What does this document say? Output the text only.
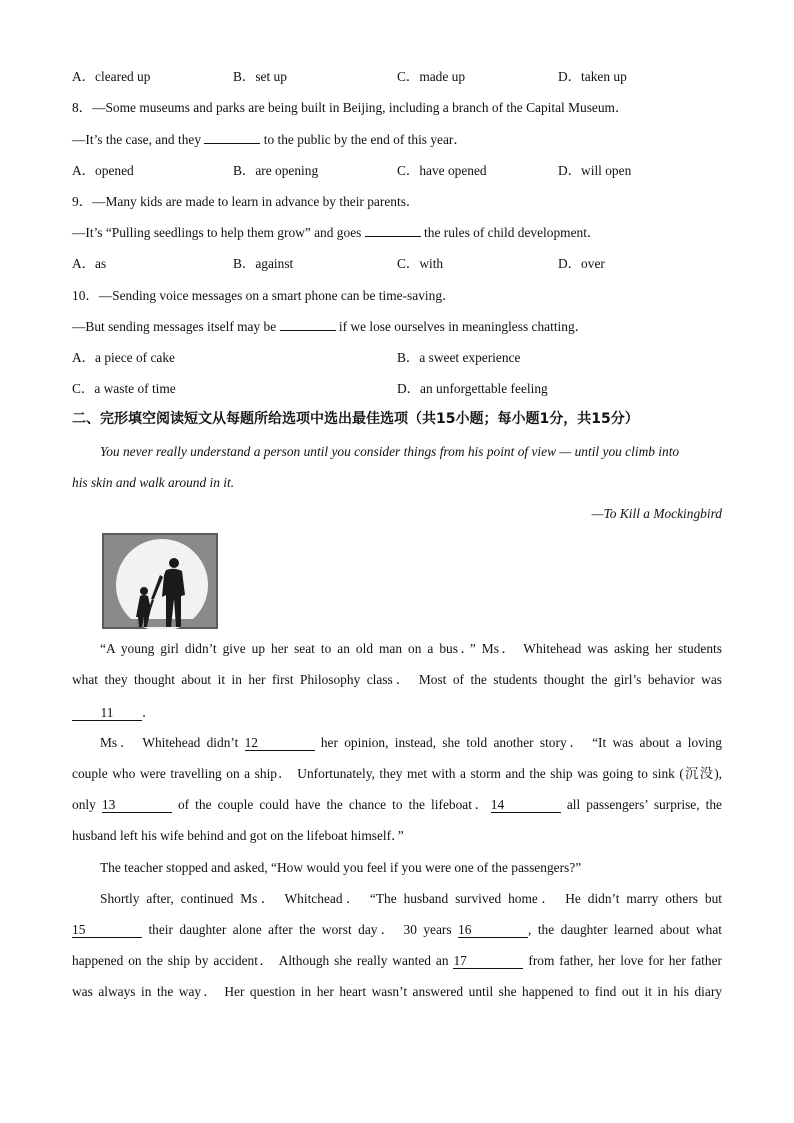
A．cleared up	B．set up	C．made up	D．taken up
8．—Some museums and parks are being built in Beijing, including a branch of the Capital Museum．
—It’s the case, and they	to the public by the end of this year．
A．opened	B．are opening	C．have opened	D．will open
9．—Many kids are made to learn in advance by their parents．
—It’s “Pulling seedlings to help them grow” and goes	the rules of child development．
A．as	B．against	C．with	D．over
10．—Sending voice messages on a smart phone can be time-saving．
—But sending messages itself may be	if we lose ourselves in meaningless chatting．
A．a piece of cake	B．a sweet experience
C．a waste of time	D．an unforgettable feeling
二、完形填空阅读短文从每题所给选项中选出最佳选项（共15小题；每小题1分，共15分）
You never really understand a person until you consider things from his point of view — until you climb into
his skin and walk around in it.
—To Kill a Mockingbird
“A young girl didn’t give up her seat to an old man on a bus．” Ms． Whitehead was asking her students
what they thought about it in her first Philosophy class． Most of the students thought the girl’s behavior was
11 ．
Ms． Whitehead didn’t 12	her opinion, instead, she told another story． “It was about a loving
couple who were travelling on a ship． Unfortunately, they met with a storm and the ship was going to sink (沉没),
only 13	of the couple could have the chance to the lifeboat．14	all passengers’ surprise, the
husband left his wife behind and got on the lifeboat himself．”
The teacher stopped and asked, “How would you feel if you were one of the passengers?”
Shortly after, continued Ms． Whitchead． “The husband survived home． He didn’t marry others but
15	their daughter alone after the worst day． 30 years 16	, the daughter learned about what
happened on the ship by accident． Although she really wanted an 17	from father, her love for her father
was always in the way． Her question in her heart wasn’t answered until she happened to find out it in his diary
